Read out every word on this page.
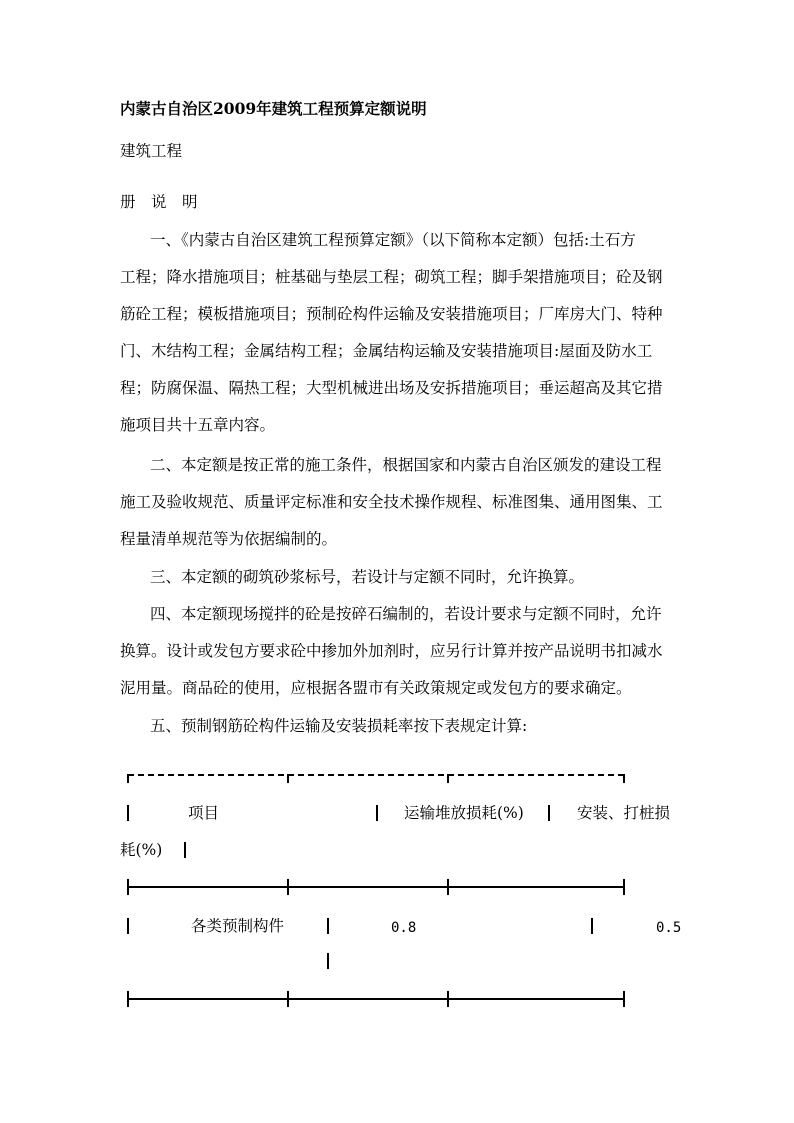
内蒙古自治区2009年建筑工程预算定额说明
建筑工程
册　说　明
一、《内蒙古自治区建筑工程预算定额》（以下简称本定额）包括:土石方
工程；降水措施项目；桩基础与垫层工程；砌筑工程；脚手架措施项目；砼及钢
筋砼工程；模板措施项目；预制砼构件运输及安装措施项目；厂库房大门、特种
门、木结构工程；金属结构工程；金属结构运输及安装措施项目:屋面及防水工
程；防腐保温、隔热工程；大型机械进出场及安拆措施项目；垂运超高及其它措
施项目共十五章内容。
二、本定额是按正常的施工条件，根据国家和内蒙古自治区颁发的建设工程
施工及验收规范、质量评定标准和安全技术操作规程、标准图集、通用图集、工
程量清单规范等为依据编制的。
三、本定额的砌筑砂浆标号，若设计与定额不同时，允许换算。
四、本定额现场搅拌的砼是按碎石编制的，若设计要求与定额不同时，允许
换算。设计或发包方要求砼中掺加外加剂时，应另行计算并按产品说明书扣减水
泥用量。商品砼的使用，应根据各盟市有关政策规定或发包方的要求确定。
五、预制钢筋砼构件运输及安装损耗率按下表规定计算:
项目	运输堆放损耗(%)	安装、打桩损
耗(%)
各类预制构件	0.8	0.5
